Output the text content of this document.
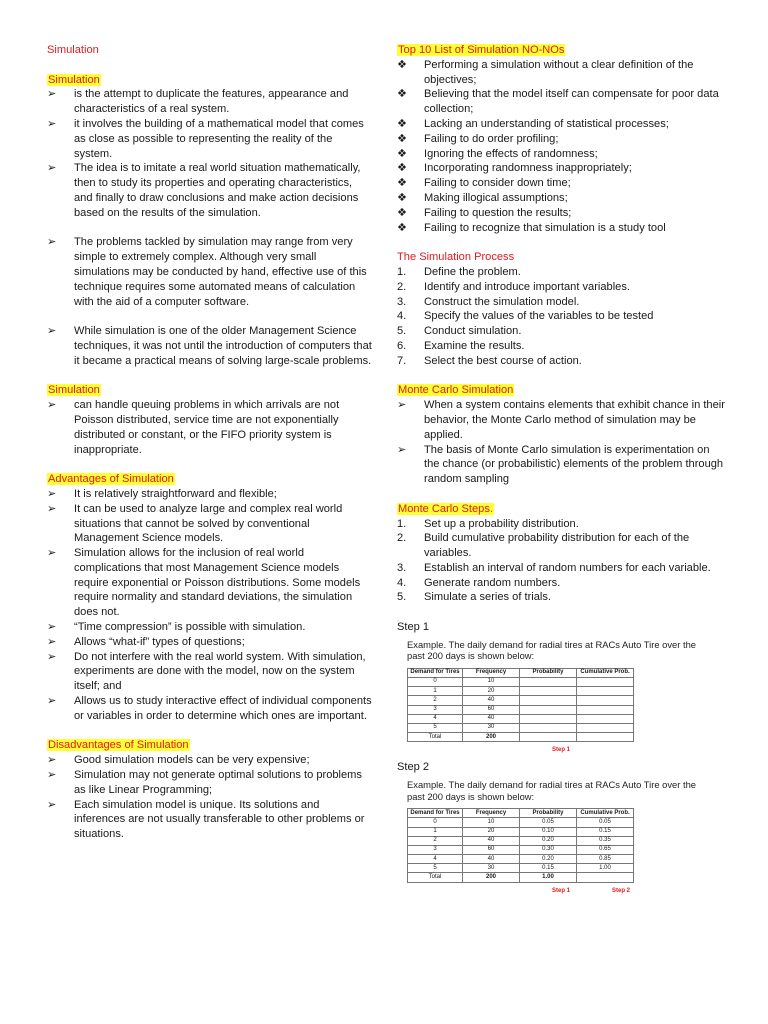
Simulation

Simulation

➢ is the attempt to duplicate the features, appearance and characteristics of a real system.
➢ it involves the building of a mathematical model that comes as close as possible to representing the reality of the system.
➢ The idea is to imitate a real world situation mathematically, then to study its properties and operating characteristics, and finally to draw conclusions and make action decisions based on the results of the simulation.
➢ The problems tackled by simulation may range from very simple to extremely complex. Although very small simulations may be conducted by hand, effective use of this technique requires some automated means of calculation with the aid of a computer software.
➢ While simulation is one of the older Management Science techniques, it was not until the introduction of computers that it became a practical means of solving large-scale problems.

Simulation

➢ can handle queuing problems in which arrivals are not Poisson distributed, service time are not exponentially distributed or constant, or the FIFO priority system is inappropriate.

Advantages of Simulation

➢ It is relatively straightforward and flexible;
➢ It can be used to analyze large and complex real world situations that cannot be solved by conventional Management Science models.
➢ Simulation allows for the inclusion of real world complications that most Management Science models require exponential or Poisson distributions. Some models require normality and standard deviations, the simulation does not.
➢ “Time compression” is possible with simulation.
➢ Allows “what-if” types of questions;
➢ Do not interfere with the real world system. With simulation, experiments are done with the model, now on the system itself; and
➢ Allows us to study interactive effect of individual components or variables in order to determine which ones are important.

Disadvantages of Simulation

➢ Good simulation models can be very expensive;
➢ Simulation may not generate optimal solutions to problems as like Linear Programming;
➢ Each simulation model is unique. Its solutions and inferences are not usually transferable to other problems or situations.

Top 10 List of Simulation NO-NOs

❖ Performing a simulation without a clear definition of the objectives;
❖ Believing that the model itself can compensate for poor data collection;
❖ Lacking an understanding of statistical processes;
❖ Failing to do order profiling;
❖ Ignoring the effects of randomness;
❖ Incorporating randomness inappropriately;
❖ Failing to consider down time;
❖ Making illogical assumptions;
❖ Failing to question the results;
❖ Failing to recognize that simulation is a study tool

The Simulation Process

1. Define the problem.
2. Identify and introduce important variables.
3. Construct the simulation model.
4. Specify the values of the variables to be tested
5. Conduct simulation.
6. Examine the results.
7. Select the best course of action.

Monte Carlo Simulation

➢ When a system contains elements that exhibit chance in their behavior, the Monte Carlo method of simulation may be applied.
➢ The basis of Monte Carlo simulation is experimentation on the chance (or probabilistic) elements of the problem through random sampling

Monte Carlo Steps.

1. Set up a probability distribution.
2. Build cumulative probability distribution for each of the variables.
3. Establish an interval of random numbers for each variable.
4. Generate random numbers.
5. Simulate a series of trials.

Step 1

Example. The daily demand for radial tires at RACs Auto Tire over the past 200 days is shown below:
Demand for Tires	Frequency	Probability	Cumulative Prob.
0	10		
1	20		
2	40		
3	60		
4	40		
5	30		
Total	200		
Step 1

Step 2

Example. The daily demand for radial tires at RACs Auto Tire over the past 200 days is shown below:
Demand for Tires	Frequency	Probability	Cumulative Prob.
0	10	0.05	0.05
1	20	0.10	0.15
2	40	0.20	0.35
3	60	0.30	0.65
4	40	0.20	0.85
5	30	0.15	1.00
Total	200	1.00	
Step 1	Step 2
